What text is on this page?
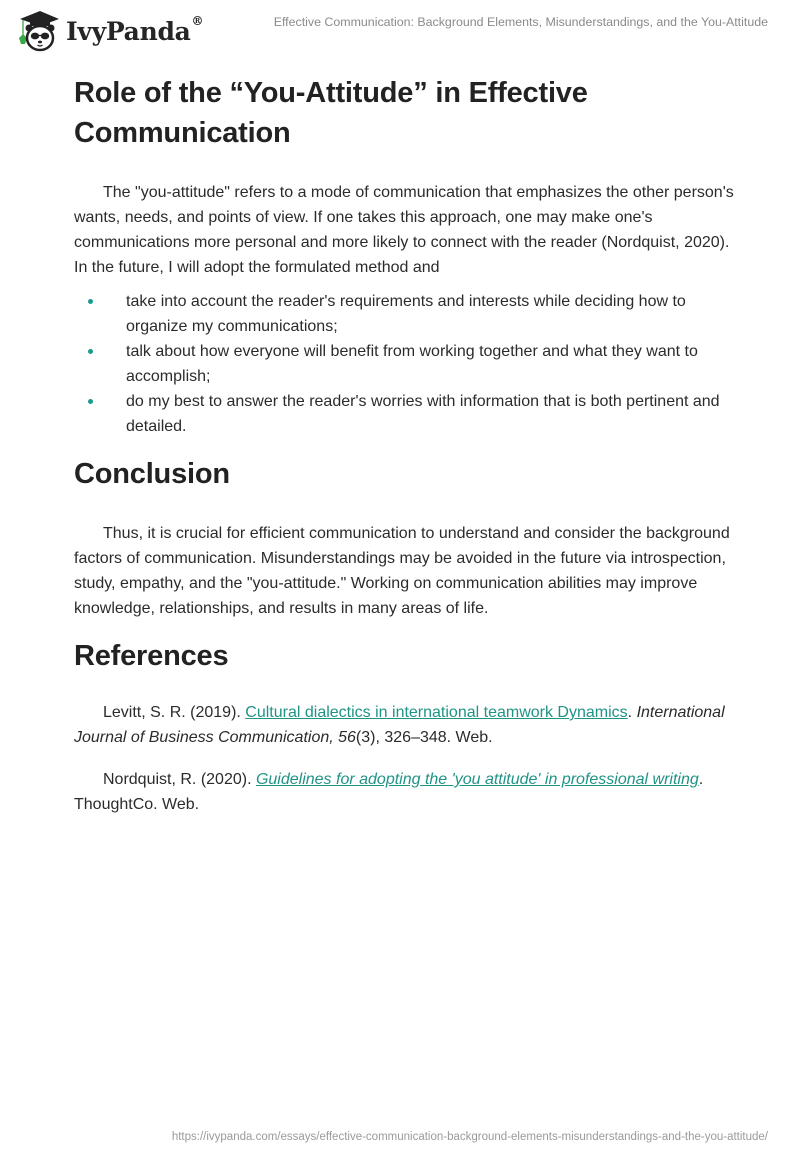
IvyPanda®	Effective Communication: Background Elements, Misunderstandings, and the You-Attitude
Role of the “You-Attitude” in Effective
Communication

The "you-attitude" refers to a mode of communication that emphasizes the other person's wants, needs, and points of view. If one takes this approach, one may make one's communications more personal and more likely to connect with the reader (Nordquist, 2020). In the future, I will adopt the formulated method and

take into account the reader's requirements and interests while deciding how to organize my communications;
talk about how everyone will benefit from working together and what they want to accomplish;
do my best to answer the reader's worries with information that is both pertinent and detailed.
Conclusion

Thus, it is crucial for efficient communication to understand and consider the background factors of communication. Misunderstandings may be avoided in the future via introspection, study, empathy, and the "you-attitude." Working on communication abilities may improve knowledge, relationships, and results in many areas of life.

References

Levitt, S. R. (2019). Cultural dialectics in international teamwork Dynamics. International Journal of Business Communication, 56(3), 326–348. Web.

Nordquist, R. (2020). Guidelines for adopting the 'you attitude' in professional writing. ThoughtCo. Web.

https://ivypanda.com/essays/effective-communication-background-elements-misunderstandings-and-the-you-attitude/
